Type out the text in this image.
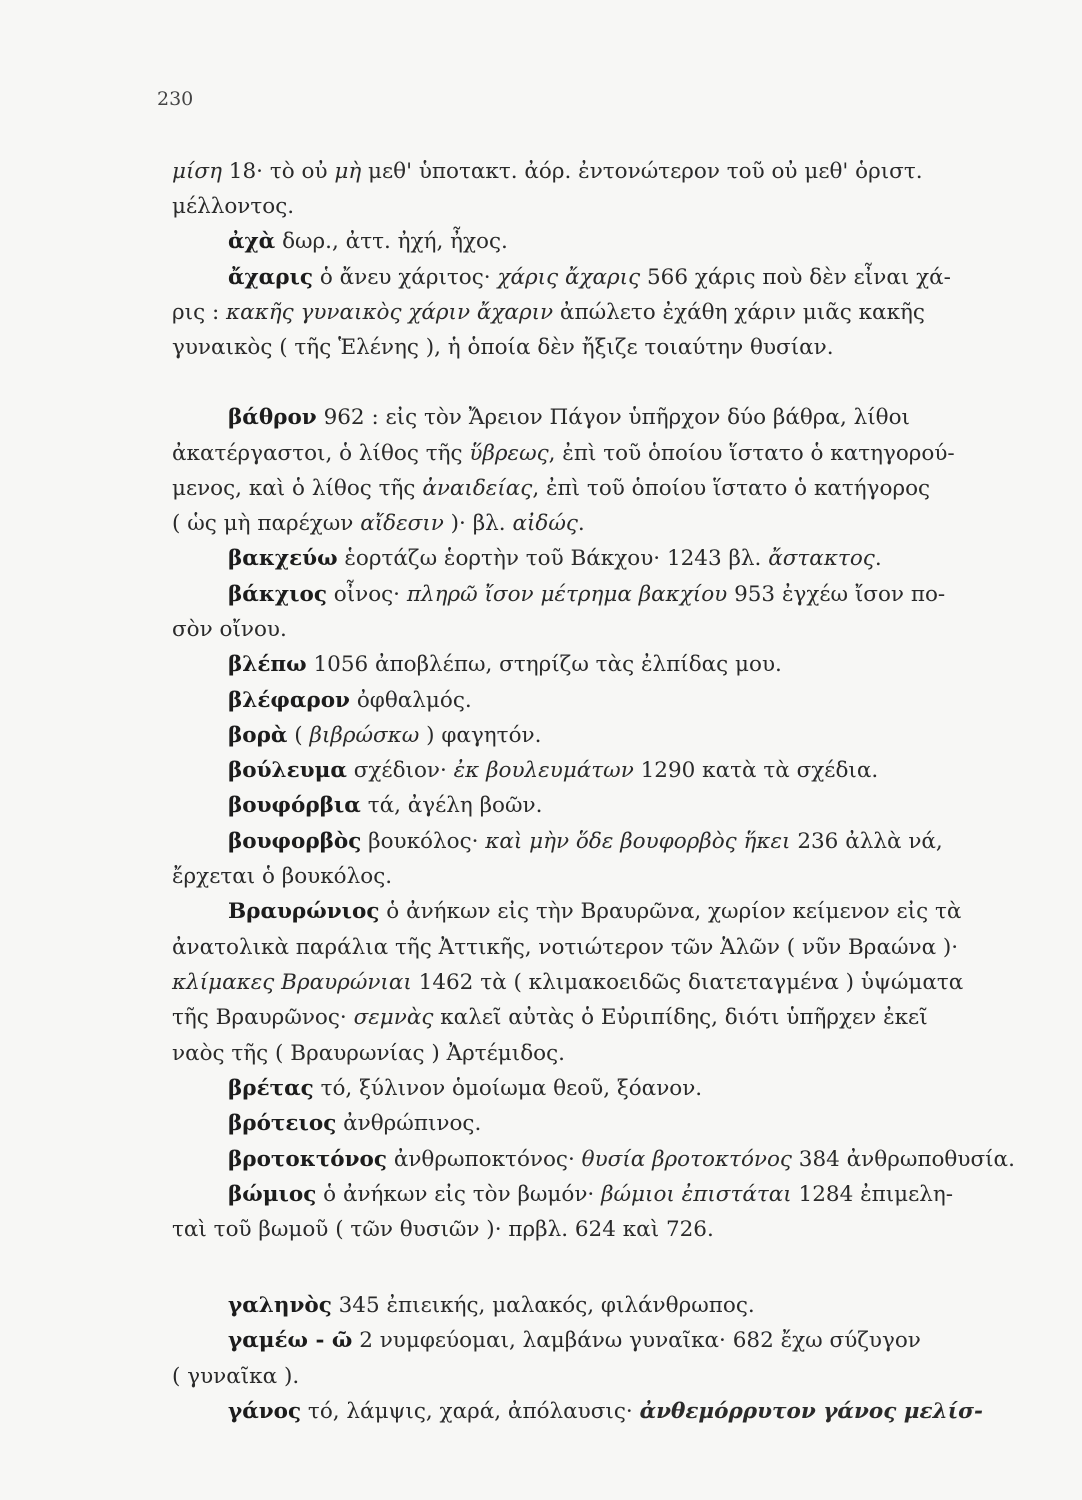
230
μίση 18· τὸ οὐ μὴ μεθ' ὑποτακτ. ἀόρ. ἐντονώτερον τοῦ οὐ μεθ' ὁριστ.
μέλλοντος.
ἀχὰ δωρ., ἀττ. ἠχή, ἦχος.
ἄχαρις ὁ ἄνευ χάριτος· χάρις ἄχαρις 566 χάρις ποὺ δὲν εἶναι χά-
ρις : κακῆς γυναικὸς χάριν ἄχαριν ἀπώλετο ἐχάθη χάριν μιᾶς κακῆς
γυναικὸς ( τῆς Ἑλένης ), ἡ ὁποία δὲν ἤξιζε τοιαύτην θυσίαν.
βάθρον 962 : εἰς τὸν Ἄρειον Πάγον ὑπῆρχον δύο βάθρα, λίθοι
ἀκατέργαστοι, ὁ λίθος τῆς ὕβρεως, ἐπὶ τοῦ ὁποίου ἵστατο ὁ κατηγορού-
μενος, καὶ ὁ λίθος τῆς ἀναιδείας, ἐπὶ τοῦ ὁποίου ἵστατο ὁ κατήγορος
( ὡς μὴ παρέχων αἴδεσιν )· βλ. αἰδώς.
βακχεύω ἑορτάζω ἑορτὴν τοῦ Βάκχου· 1243 βλ. ἄστακτος.
βάκχιος οἶνος· πληρῶ ἴσον μέτρημα βακχίου 953 ἐγχέω ἴσον πο-
σὸν οἴνου.
βλέπω 1056 ἀποβλέπω, στηρίζω τὰς ἐλπίδας μου.
βλέφαρον ὀφθαλμός.
βορὰ ( βιβρώσκω ) φαγητόν.
βούλευμα σχέδιον· ἐκ βουλευμάτων 1290 κατὰ τὰ σχέδια.
βουφόρβια τά, ἀγέλη βοῶν.
βουφορβὸς βουκόλος· καὶ μὴν ὅδε βουφορβὸς ἥκει 236 ἀλλὰ νά,
ἔρχεται ὁ βουκόλος.
Βραυρώνιος ὁ ἀνήκων εἰς τὴν Βραυρῶνα, χωρίον κείμενον εἰς τὰ
ἀνατολικὰ παράλια τῆς Ἀττικῆς, νοτιώτερον τῶν Ἁλῶν ( νῦν Βραώνα )·
κλίμακες Βραυρώνιαι 1462 τὰ ( κλιμακοειδῶς διατεταγμένα ) ὑψώματα
τῆς Βραυρῶνος· σεμνὰς καλεῖ αὐτὰς ὁ Εὐριπίδης, διότι ὑπῆρχεν ἐκεῖ
ναὸς τῆς ( Βραυρωνίας ) Ἀρτέμιδος.
βρέτας τό, ξύλινον ὁμοίωμα θεοῦ, ξόανον.
βρότειος ἀνθρώπινος.
βροτοκτόνος ἀνθρωποκτόνος· θυσία βροτοκτόνος 384 ἀνθρωποθυσία.
βώμιος ὁ ἀνήκων εἰς τὸν βωμόν· βώμιοι ἐπιστάται 1284 ἐπιμελη-
ταὶ τοῦ βωμοῦ ( τῶν θυσιῶν )· πρβλ. 624 καὶ 726.
γαληνὸς 345 ἐπιεικής, μαλακός, φιλάνθρωπος.
γαμέω - ῶ 2 νυμφεύομαι, λαμβάνω γυναῖκα· 682 ἔχω σύζυγον
( γυναῖκα ).
γάνος τό, λάμψις, χαρά, ἀπόλαυσις· ἀνθεμόρρυτον γάνος μελίσ-
